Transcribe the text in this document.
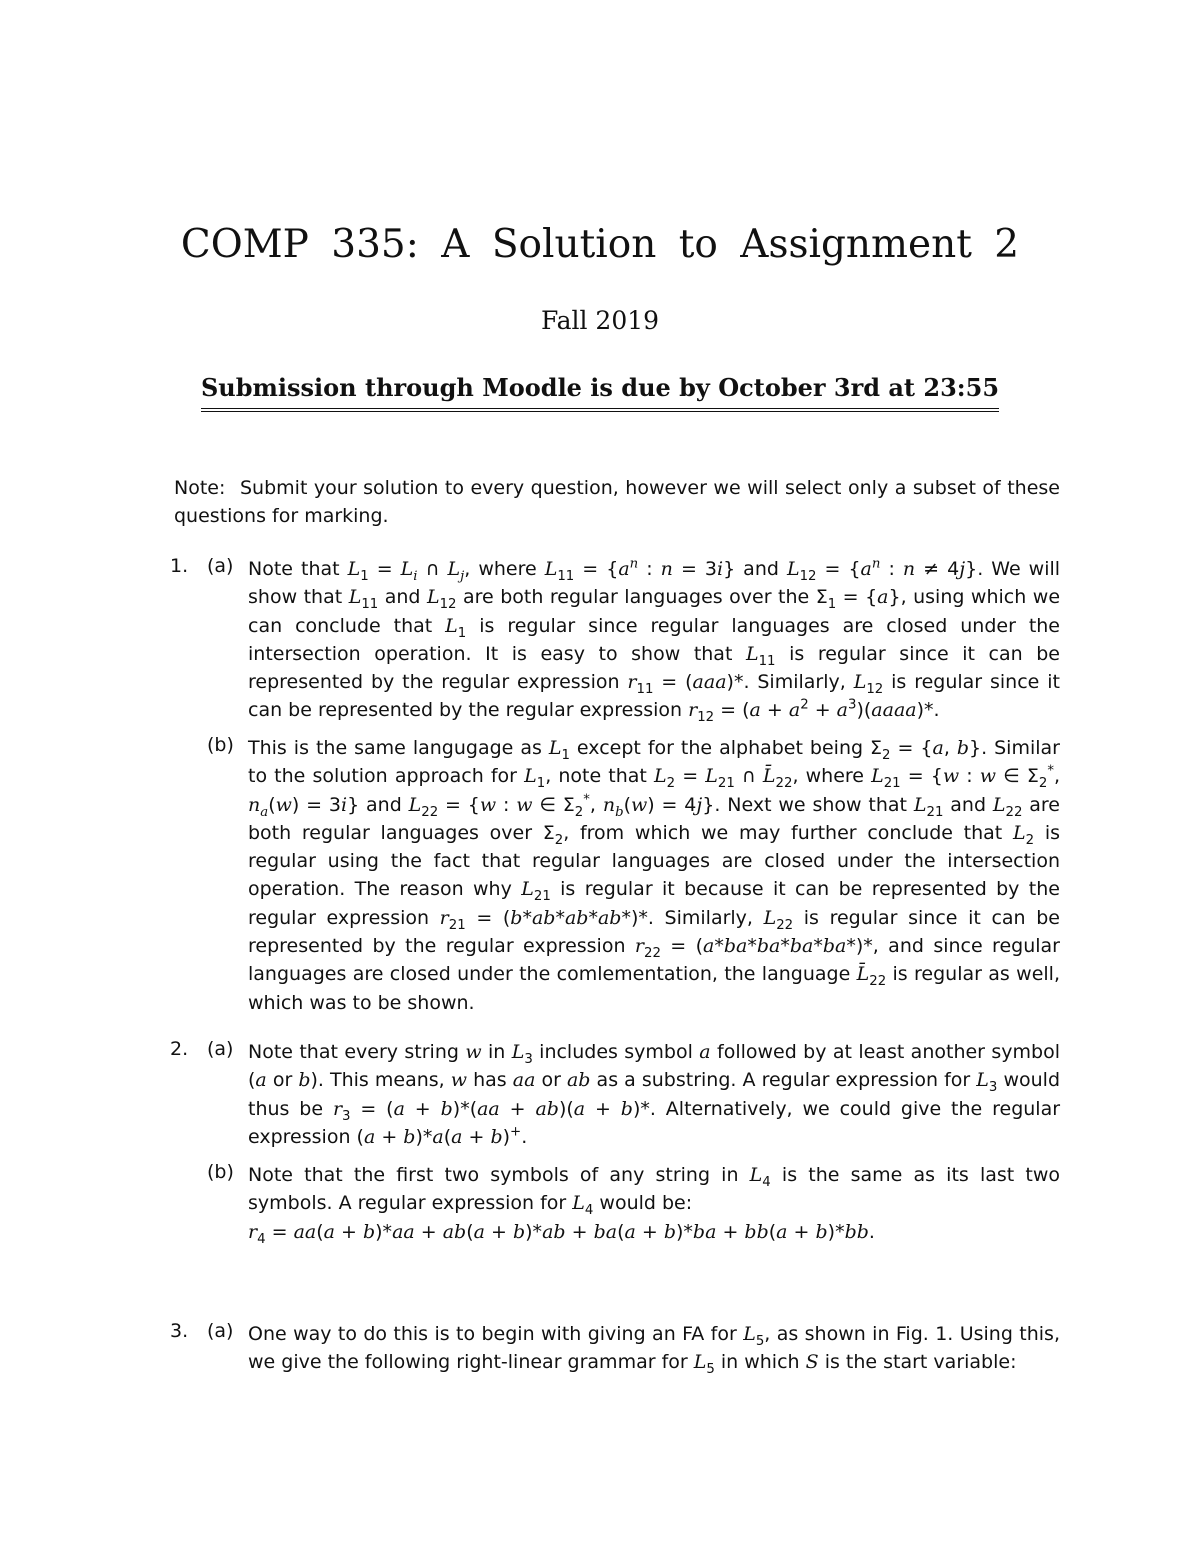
COMP 335: A Solution to Assignment 2
Fall 2019
Submission through Moodle is due by October 3rd at 23:55
Note: Submit your solution to every question, however we will select only a subset of these questions for marking.
1. (a) Note that $L_1 = L_i$ ∩ $L_j$, where $L_{11} = \{a^n$ : n = 3i} and $L_{12} = \{a^n$ : n ≠ 4j}. We will show that $L_{11}$ and $L_{12}$ are both regular languages over the $\Sigma_1 = \{a\}$, using which we can conclude that $L_1$ is regular since regular languages are closed under the intersection operation. It is easy to show that $L_{11}$ is regular since it can be represented by the regular expression $r_{11} = (aaa)*$. Similarly, $L_{12}$ is regular since it can be represented by the regular expression $r_{12} = (a + a^2$ + $a^3)(aaaa)*$.

(b) This is the same langugage as $L_1$ except for the alphabet being $\Sigma_2 = \{a$, b}. Similar to the solution approach for $L_1$, note that $L_2 = L_{21}$ ∩ $L̄_{22}$, where $L_{21} = \{w$ : w ∈ $\Sigma_2^*$, $n_a(w) = 3i$} and $L_{22} = \{w$ : w ∈ $\Sigma_2^*$, $n_b(w) = 4j$}. Next we show that $L_{21}$ and $L_{22}$ are both regular languages over $\Sigma_2$, from which we may further conclude that $L_2$ is regular using the fact that regular languages are closed under the intersection operation. The reason why $L_{21}$ is regular it because it can be represented by the regular expression $r_{21} = (b*ab*ab*ab*)*$. Similarly, $L_{22}$ is regular since it can be represented by the regular expression $r_{22} = (a*ba*ba*ba*ba*)*$, and since regular languages are closed under the comlementation, the language $L̄_{22}$ is regular as well, which was to be shown.

2. (a) Note that every string w in $L_3$ includes symbol a followed by at least another symbol (a or b). This means, w has aa or ab as a substring. A regular expression for $L_3$ would thus be $r_3 = (a + b)*(aa + ab)(a + b)*$. Alternatively, we could give the regular expression (a + b)*a(a + b)+.

(b) Note that the first two symbols of any string in $L_4$ is the same as its last two symbols. A regular expression for $L_4$ would be:

$r_4 = aa(a + b)*aa + ab(a + b)*ab + ba(a + b)*ba + bb(a + b)*bb$.

3. (a) One way to do this is to begin with giving an FA for $L_5$, as shown in Fig. 1. Using this, we give the following right-linear grammar for $L_5$ in which S is the start variable:
